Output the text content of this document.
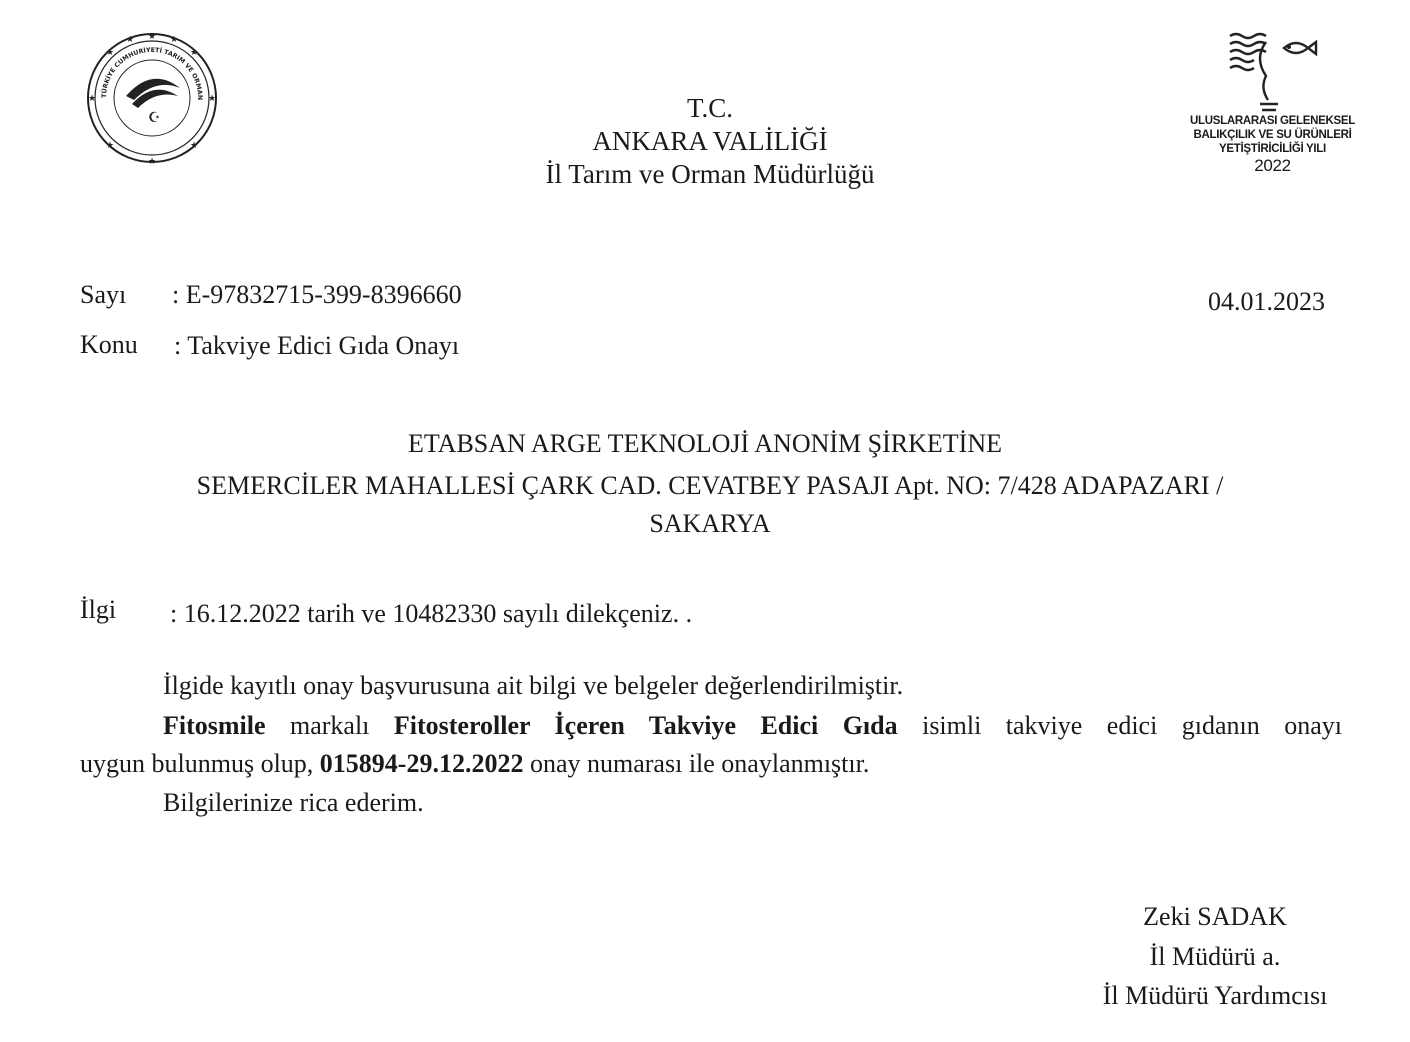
★
★
★
★
★
★
★
★
★
★
TÜRKİYE CUMHURİYETİ TARIM VE ORMAN
☪	T.C.
ANKARA VALİLİĞİ
İl Tarım ve Orman Müdürlüğü
ULUSLARARASI GELENEKSEL
BALIKÇILIK VE SU ÜRÜNLERİ
YETİŞTİRİCİLİĞİ YILI
2022
Sayı : E-97832715-399-8396660	04.01.2023
Konu : Takviye Edici Gıda Onayı
ETABSAN ARGE TEKNOLOJİ ANONİM ŞİRKETİNE
SEMERCİLER MAHALLESİ ÇARK CAD. CEVATBEY PASAJI Apt. NO: 7/428 ADAPAZARI /
SAKARYA
İlgi : 16.12.2022 tarih ve 10482330 sayılı dilekçeniz. .
İlgide kayıtlı onay başvurusuna ait bilgi ve belgeler değerlendirilmiştir.
Fitosmile markalı Fitosteroller İçeren Takviye Edici Gıda isimli takviye edici gıdanın onayı
uygun bulunmuş olup, 015894-29.12.2022 onay numarası ile onaylanmıştır.
Bilgilerinize rica ederim.
Zeki SADAK
İl Müdürü a.
İl Müdürü Yardımcısı
